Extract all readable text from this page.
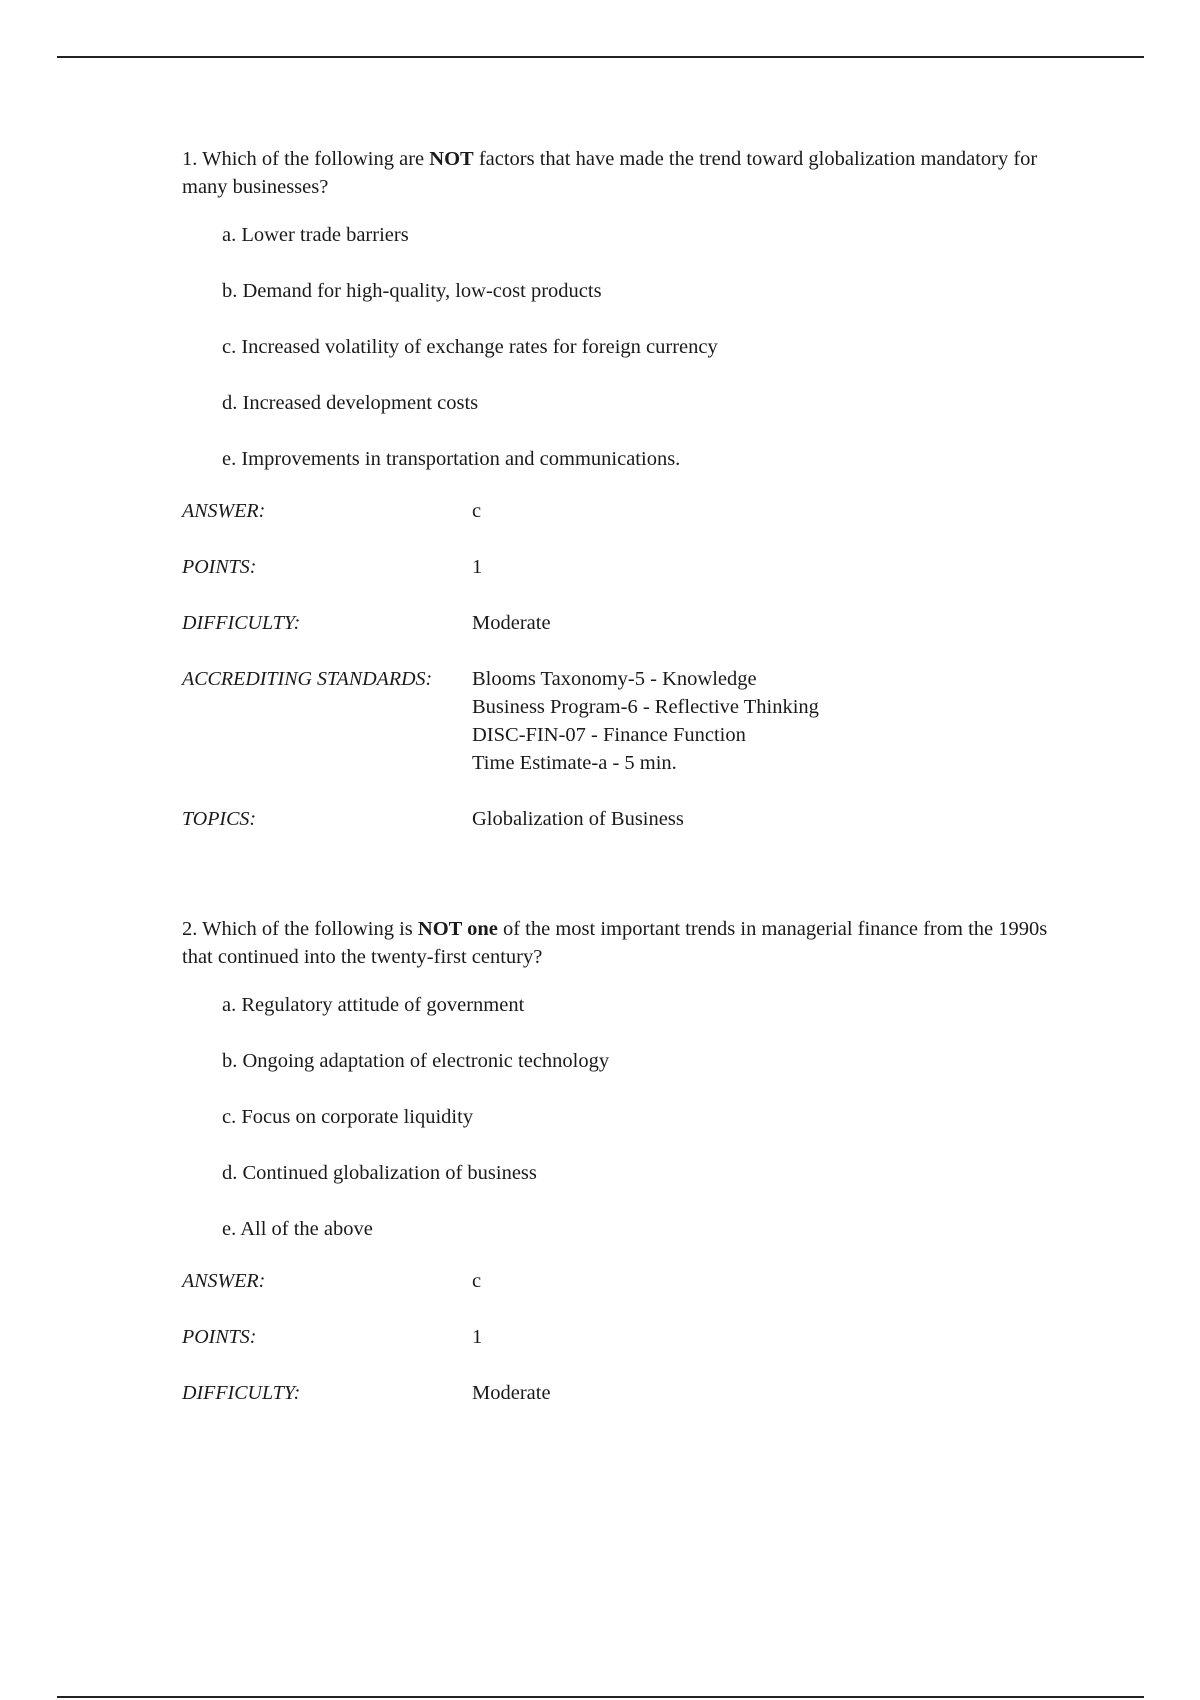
1. Which of the following are NOT factors that have made the trend toward globalization mandatory for many businesses?

a. Lower trade barriers
b. Demand for high-quality, low-cost products
c. Increased volatility of exchange rates for foreign currency
d. Increased development costs
e. Improvements in transportation and communications.
ANSWER:	c
POINTS:	1
DIFFICULTY:	Moderate
ACCREDITING STANDARDS:	Blooms Taxonomy-5 - Knowledge
Business Program-6 - Reflective Thinking
DISC-FIN-07 - Finance Function
Time Estimate-a - 5 min.
TOPICS:	Globalization of Business

2. Which of the following is NOT one of the most important trends in managerial finance from the 1990s that continued into the twenty-first century?

a. Regulatory attitude of government
b. Ongoing adaptation of electronic technology
c. Focus on corporate liquidity
d. Continued globalization of business
e. All of the above
ANSWER:	c
POINTS:	1
DIFFICULTY:	Moderate
